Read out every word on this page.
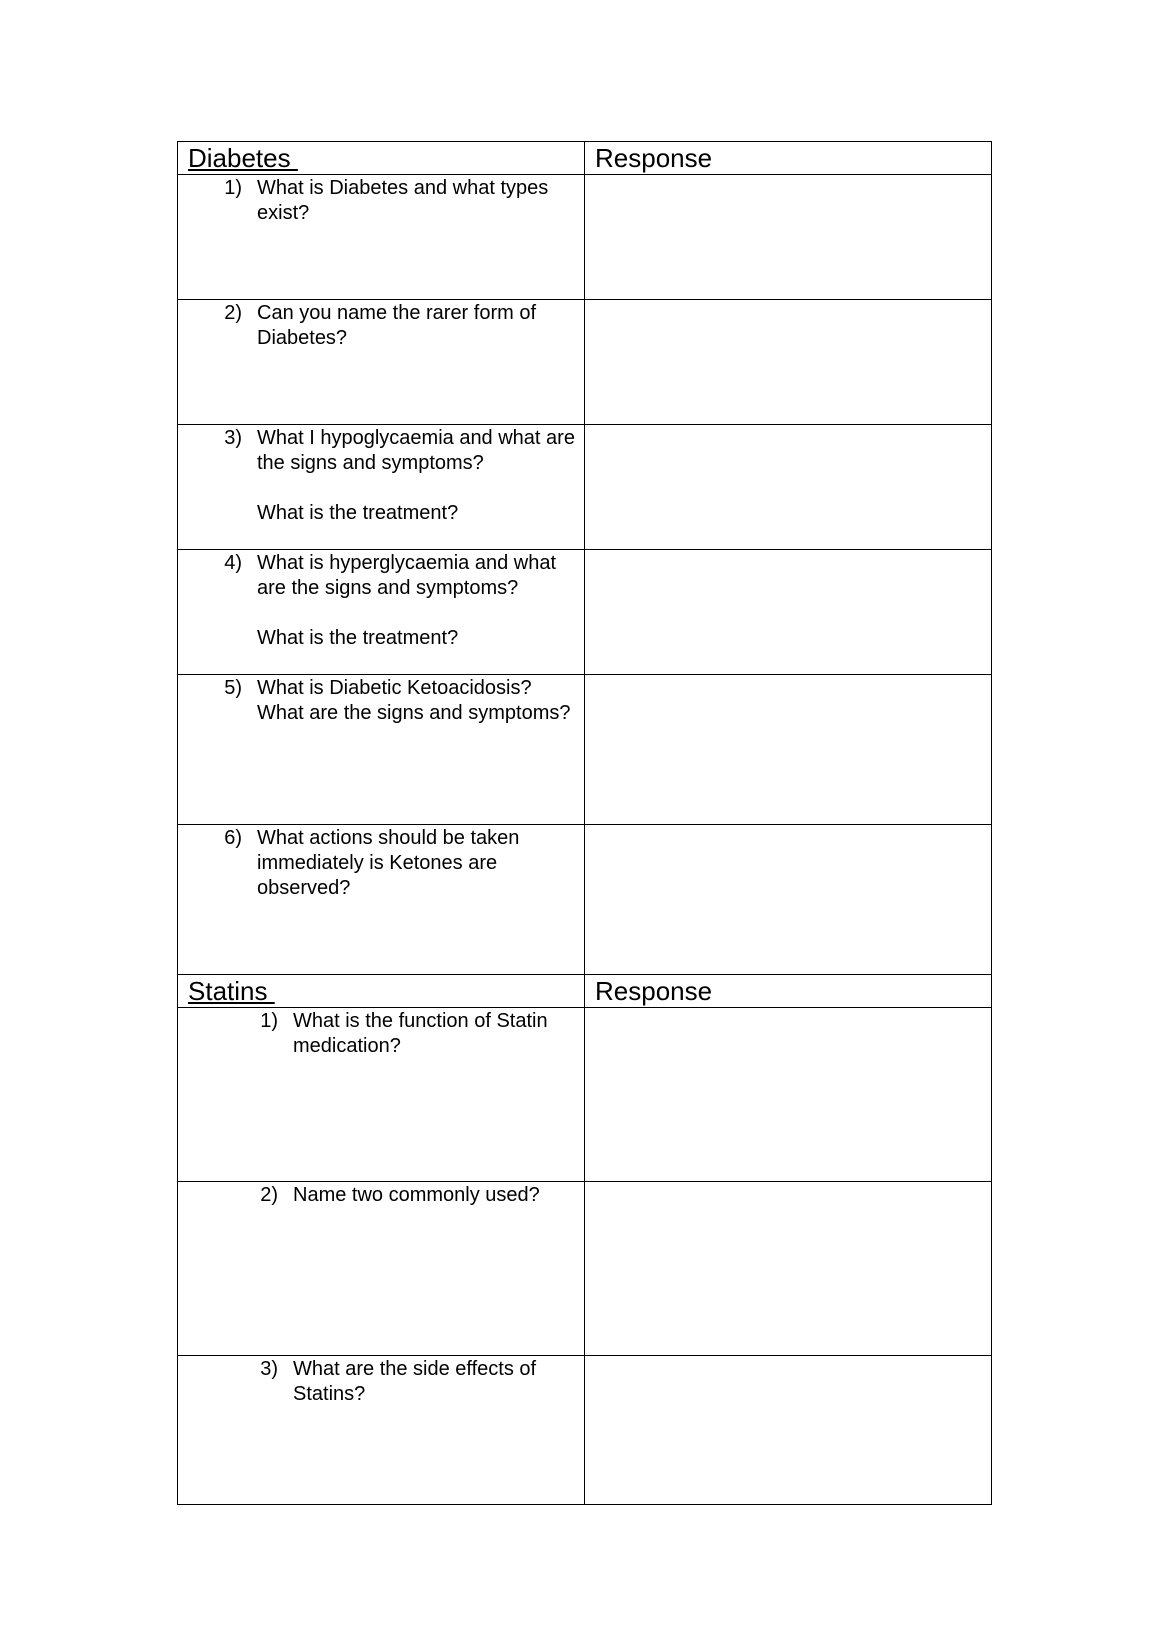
Diabetes	Response

1) What is Diabetes and what types exist?	

2) Can you name the rarer form of Diabetes?	

3) What I hypoglycaemia and what are the signs and symptoms?
What is the treatment?	

4) What is hyperglycaemia and what are the signs and symptoms?
What is the treatment?	

5) What is Diabetic Ketoacidosis? What are the signs and symptoms?	

6) What actions should be taken immediately is Ketones are observed?	

Statins	Response

1) What is the function of Statin medication?	

2) Name two commonly used?	

3) What are the side effects of Statins?	
